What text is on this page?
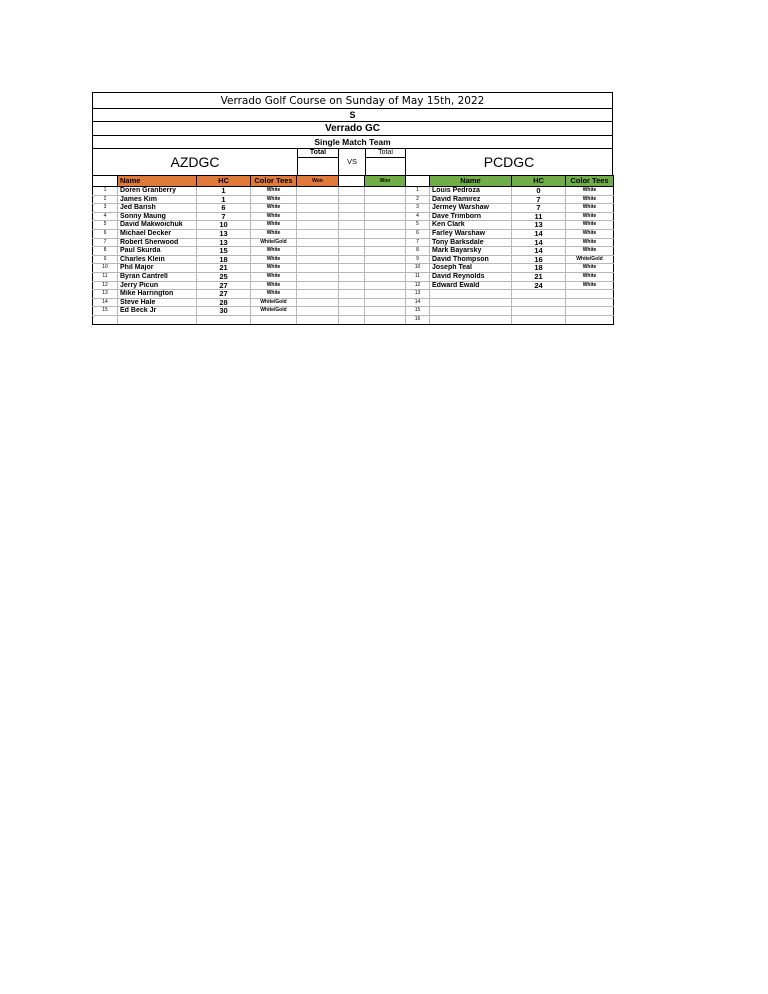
Verrado Golf Course on Sunday of May 15th, 2022
S
Verrado GC
Single Match Team
AZDGC
Total
VS
Total
PCDGC
	Name	HC	Color Tees	Won		Won		Name	HC	Color Tees
1	Doren Granberry	1	White				1	Louis Pedroza	0	White
2	James Kim	1	White				2	David Ramirez	7	White
3	Jed Barish	6	White				3	Jermey Warshaw	7	White
4	Sonny Maung	7	White				4	Dave Trimborn	11	White
5	David Makwoichuk	10	White				5	Ken Clark	13	White
6	Michael Decker	13	White				6	Farley Warshaw	14	White
7	Robert Sherwood	13	White/Gold				7	Tony Barksdale	14	White
8	Paul Skurda	15	White				8	Mark Bayarsky	14	White
9	Charles Klein	18	White				9	David Thompson	16	White/Gold
10	Phil Major	21	White				10	Joseph Teal	18	White
11	Byran Cantrell	25	White				11	David Reynolds	21	White
12	Jerry Picun	27	White				12	Edward Ewald	24	White
13	Mike Harrington	27	White				13			
14	Steve Hale	28	White/Gold				14			
15	Ed Beck Jr	30	White/Gold				15			
							16			
